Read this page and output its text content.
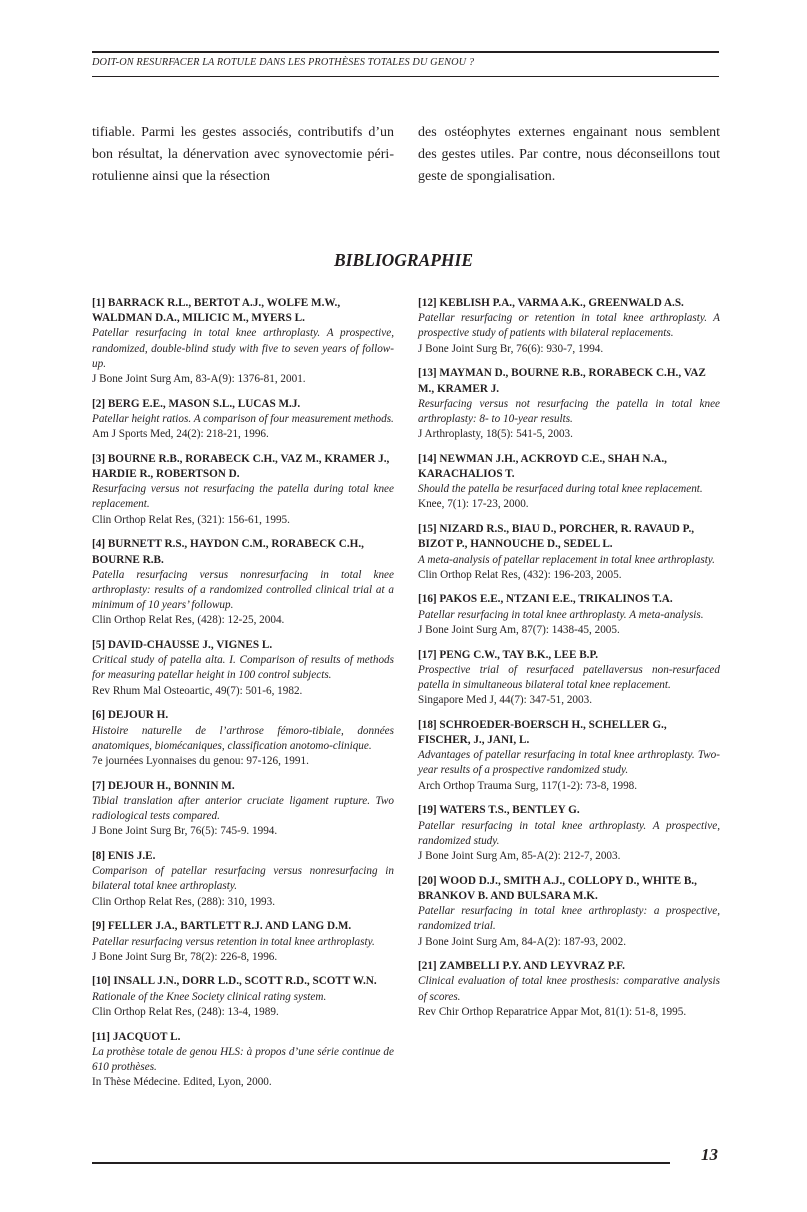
DOIT-ON RESURFACER LA ROTULE DANS LES PROTHÈSES TOTALES DU GENOU ?
tifiable. Parmi les gestes associés, contributifs d’un bon résultat, la dénervation avec synovectomie péri-rotulienne ainsi que la résection
des ostéophytes externes engainant nous semblent des gestes utiles. Par contre, nous déconseillons tout geste de spongialisation.
BIBLIOGRAPHIE
[1] BARRACK R.L., BERTOT A.J., WOLFE M.W., WALDMAN D.A., MILICIC M., MYERS L.
Patellar resurfacing in total knee arthroplasty. A prospective, randomized, double-blind study with five to seven years of follow-up.
J Bone Joint Surg Am, 83-A(9): 1376-81, 2001.
[2] BERG E.E., MASON S.L., LUCAS M.J.
Patellar height ratios. A comparison of four measurement methods.
Am J Sports Med, 24(2): 218-21, 1996.
[3] BOURNE R.B., RORABECK C.H., VAZ M., KRAMER J., HARDIE R., ROBERTSON D.
Resurfacing versus not resurfacing the patella during total knee replacement.
Clin Orthop Relat Res, (321): 156-61, 1995.
[4] BURNETT R.S., HAYDON C.M., RORABECK C.H., BOURNE R.B.
Patella resurfacing versus nonresurfacing in total knee arthroplasty: results of a randomized controlled clinical trial at a minimum of 10 years’ followup.
Clin Orthop Relat Res, (428): 12-25, 2004.
[5] DAVID-CHAUSSE J., VIGNES L.
Critical study of patella alta. I. Comparison of results of methods for measuring patellar height in 100 control subjects.
Rev Rhum Mal Osteoartic, 49(7): 501-6, 1982.
[6] DEJOUR H.
Histoire naturelle de l’arthrose fémoro-tibiale, données anatomiques, biomécaniques, classification anotomo-clinique.
7e journées Lyonnaises du genou: 97-126, 1991.
[7] DEJOUR H., BONNIN M.
Tibial translation after anterior cruciate ligament rupture. Two radiological tests compared.
J Bone Joint Surg Br, 76(5): 745-9. 1994.
[8] ENIS J.E.
Comparison of patellar resurfacing versus nonresurfacing in bilateral total knee arthroplasty.
Clin Orthop Relat Res, (288): 310, 1993.
[9] FELLER J.A., BARTLETT R.J. AND LANG D.M.
Patellar resurfacing versus retention in total knee arthroplasty.
J Bone Joint Surg Br, 78(2): 226-8, 1996.
[10] INSALL J.N., DORR L.D., SCOTT R.D., SCOTT W.N.
Rationale of the Knee Society clinical rating system.
Clin Orthop Relat Res, (248): 13-4, 1989.
[11] JACQUOT L.
La prothèse totale de genou HLS: à propos d’une série continue de 610 prothèses.
In Thèse Médecine. Edited, Lyon, 2000.
[12] KEBLISH P.A., VARMA A.K., GREENWALD A.S.
Patellar resurfacing or retention in total knee arthroplasty. A prospective study of patients with bilateral replacements.
J Bone Joint Surg Br, 76(6): 930-7, 1994.
[13] MAYMAN D., BOURNE R.B., RORABECK C.H., VAZ M., KRAMER J.
Resurfacing versus not resurfacing the patella in total knee arthroplasty: 8- to 10-year results.
J Arthroplasty, 18(5): 541-5, 2003.
[14] NEWMAN J.H., ACKROYD C.E., SHAH N.A., KARACHALIOS T.
Should the patella be resurfaced during total knee replacement.
Knee, 7(1): 17-23, 2000.
[15] NIZARD R.S., BIAU D., PORCHER, R. RAVAUD P., BIZOT P., HANNOUCHE D., SEDEL L.
A meta-analysis of patellar replacement in total knee arthroplasty.
Clin Orthop Relat Res, (432): 196-203, 2005.
[16] PAKOS E.E., NTZANI E.E., TRIKALINOS T.A.
Patellar resurfacing in total knee arthroplasty. A meta-analysis.
J Bone Joint Surg Am, 87(7): 1438-45, 2005.
[17] PENG C.W., TAY B.K., LEE B.P.
Prospective trial of resurfaced patellaversus non-resurfaced patella in simultaneous bilateral total knee replacement.
Singapore Med J, 44(7): 347-51, 2003.
[18] SCHROEDER-BOERSCH H., SCHELLER G., FISCHER, J., JANI, L.
Advantages of patellar resurfacing in total knee arthroplasty. Two-year results of a prospective randomized study.
Arch Orthop Trauma Surg, 117(1-2): 73-8, 1998.
[19] WATERS T.S., BENTLEY G.
Patellar resurfacing in total knee arthroplasty. A prospective, randomized study.
J Bone Joint Surg Am, 85-A(2): 212-7, 2003.
[20] WOOD D.J., SMITH A.J., COLLOPY D., WHITE B., BRANKOV B. AND BULSARA M.K.
Patellar resurfacing in total knee arthroplasty: a prospective, randomized trial.
J Bone Joint Surg Am, 84-A(2): 187-93, 2002.
[21] ZAMBELLI P.Y. AND LEYVRAZ P.F.
Clinical evaluation of total knee prosthesis: comparative analysis of scores.
Rev Chir Orthop Reparatrice Appar Mot, 81(1): 51-8, 1995.
13
